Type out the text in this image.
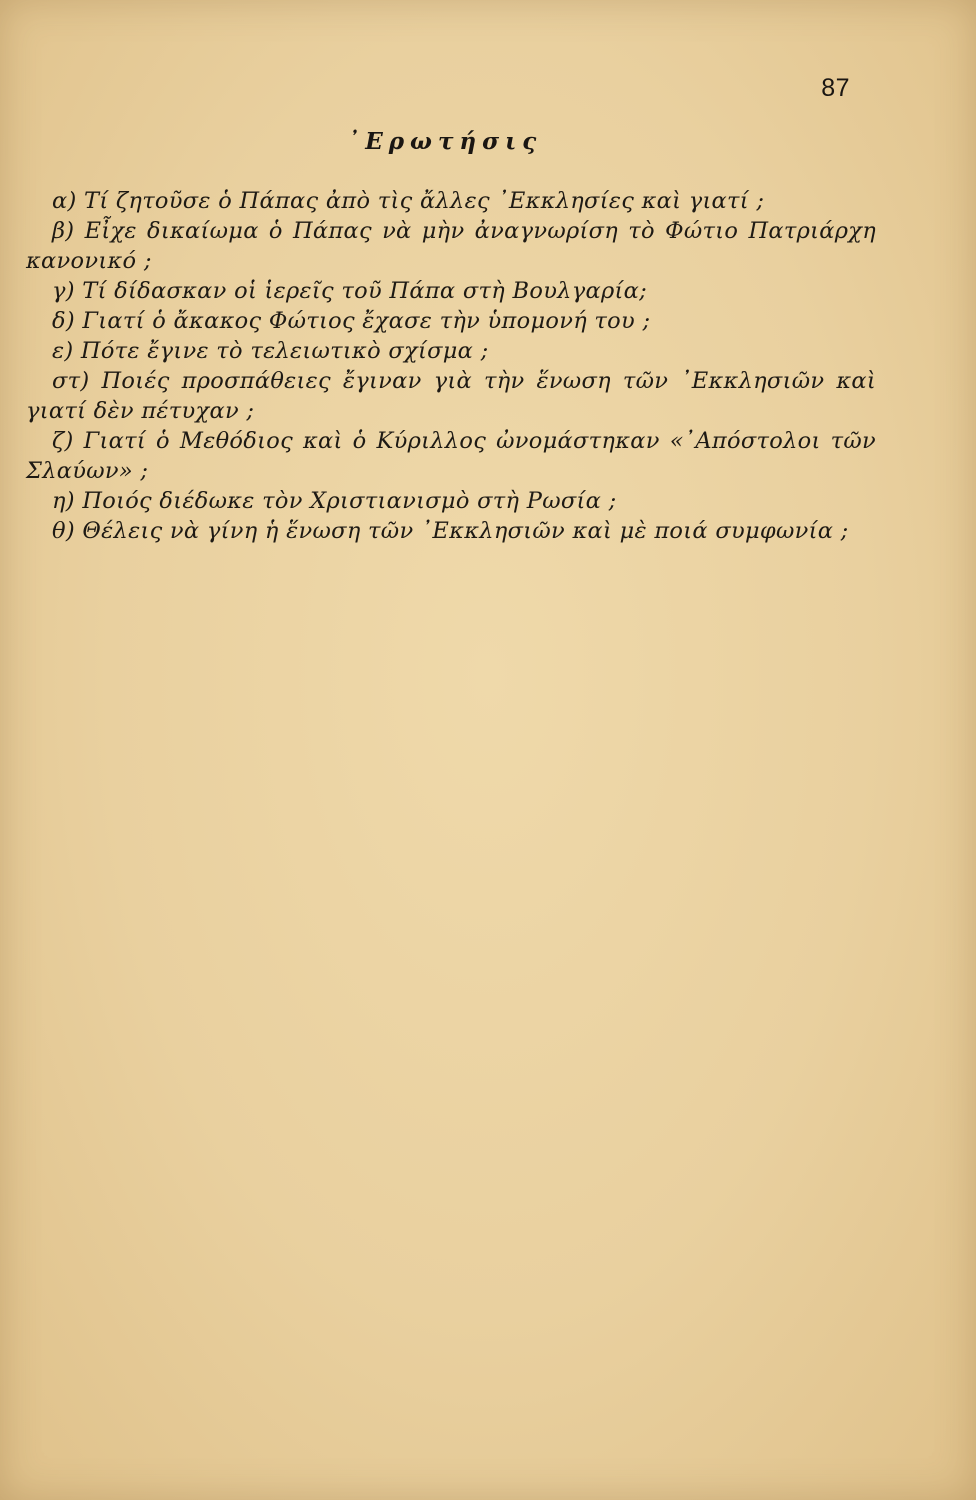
87
᾿Ερωτήσις

α) Τί ζητοῦσε ὁ Πάπας ἀπὸ τὶς ἄλλες ᾿Εκκλησίες καὶ γιατί ;

β) Εἶχε δικαίωμα ὁ Πάπας νὰ μὴν ἀναγνωρίση τὸ Φώτιο Πατριάρχη κανονικό ;

γ) Τί δίδασκαν οἱ ἱερεῖς τοῦ Πάπα στὴ Βουλγαρία;

δ) Γιατί ὁ ἄκακος Φώτιος ἔχασε τὴν ὑπομονή του ;

ε) Πότε ἔγινε τὸ τελειωτικὸ σχίσμα ;

στ) Ποιές προσπάθειες ἔγιναν γιὰ τὴν ἕνωση τῶν ᾿Εκκλησιῶν καὶ γιατί δὲν πέτυχαν ;

ζ) Γιατί ὁ Μεθόδιος καὶ ὁ Κύριλλος ὠνομάστηκαν «᾿Απόστολοι τῶν Σλαύων» ;

η) Ποιός διέδωκε τὸν Χριστιανισμὸ στὴ Ρωσία ;

θ) Θέλεις νὰ γίνη ἡ ἕνωση τῶν ᾿Εκκλησιῶν καὶ μὲ ποιά συμφωνία ;
